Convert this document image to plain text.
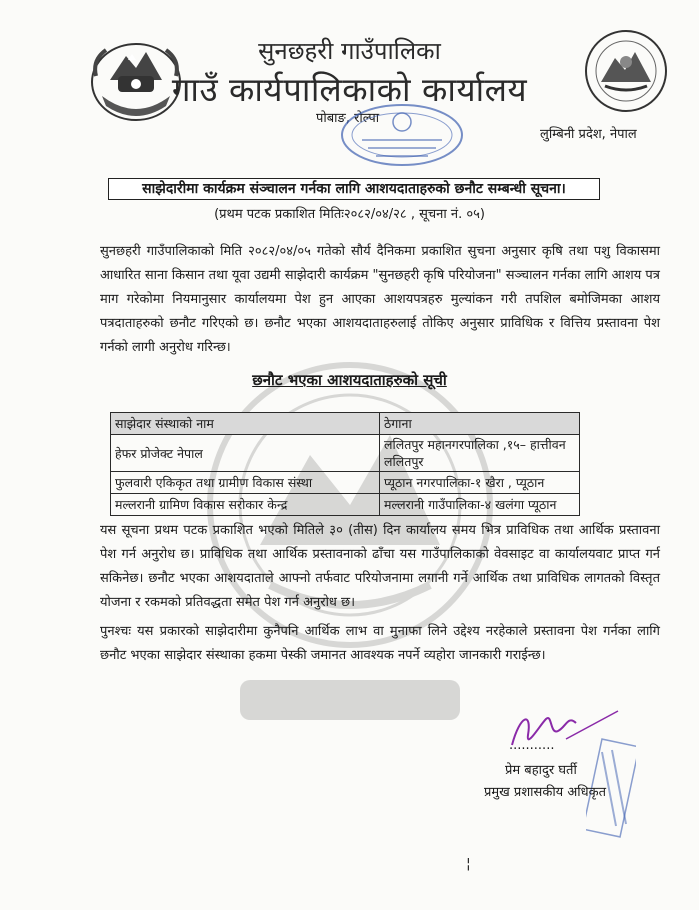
सुनछहरी गाउँपालिका
गाउँ कार्यपालिकाको कार्यालय
पोबाङ, रोल्पा
लुम्बिनी प्रदेश, नेपाल
साझेदारीमा कार्यक्रम संञ्चालन गर्नका लागि आशयदाताहरुको छनौट सम्बन्धी सूचना।
(प्रथम पटक प्रकाशित मितिः२०८२/०४/२८ , सूचना नं. ०५)
सुनछहरी गाउँपालिकाको मिति २०८२/०४/०५ गतेको सौर्य दैनिकमा प्रकाशित सुचना अनुसार कृषि तथा पशु विकासमा आधारित साना किसान तथा यूवा उद्यमी साझेदारी कार्यक्रम "सुनछहरी कृषि परियोजना" सञ्चालन गर्नका लागि आशय पत्र माग गरेकोमा नियमानुसार कार्यालयमा पेश हुन आएका आशयपत्रहरु मुल्यांकन गरी तपशिल बमोजिमका आशय पत्रदाताहरुको छनौट गरिएको छ। छनौट भएका आशयदाताहरुलाई तोकिए अनुसार प्राविधिक र वित्तिय प्रस्तावना पेश गर्नको लागी अनुरोध गरिन्छ।
छनौट भएका आशयदाताहरुको सूची
साझेदार संस्थाको नाम	ठेगाना
हेफर प्रोजेक्ट नेपाल	ललितपुर महानगरपालिका ,१५– हात्तीवन ललितपुर
फुलवारी एकिकृत तथा ग्रामीण विकास संस्था	प्यूठान नगरपालिका-१ खैरा , प्यूठान
मल्लरानी ग्रामिण विकास सरोकार केन्द्र	मल्लरानी गाउँपालिका-४ खलंगा प्यूठान
यस सूचना प्रथम पटक प्रकाशित भएको मितिले ३० (तीस) दिन कार्यालय समय भित्र प्राविधिक तथा आर्थिक प्रस्तावना पेश गर्न अनुरोध छ। प्राविधिक तथा आर्थिक प्रस्तावनाको ढाँचा यस गाउँपालिकाको वेवसाइट वा कार्यालयवाट प्राप्त गर्न सकिनेछ। छनौट भएका आशयदाताले आफ्नो तर्फवाट परियोजनामा लगानी गर्ने आर्थिक तथा प्राविधिक लागतको विस्तृत योजना र रकमको प्रतिवद्धता समेत पेश गर्न अनुरोध छ।
पुनश्चः यस प्रकारको साझेदारीमा कुनैपनि आर्थिक लाभ वा मुनाफा लिने उद्देश्य नरहेकाले प्रस्तावना पेश गर्नका लागि छनौट भएका साझेदार संस्थाका हकमा पेस्की जमानत आवश्यक नपर्ने व्यहोरा जानकारी गराईन्छ।
...........
प्रेम बहादुर घर्ती
प्रमुख प्रशासकीय अधिकृत
¦
